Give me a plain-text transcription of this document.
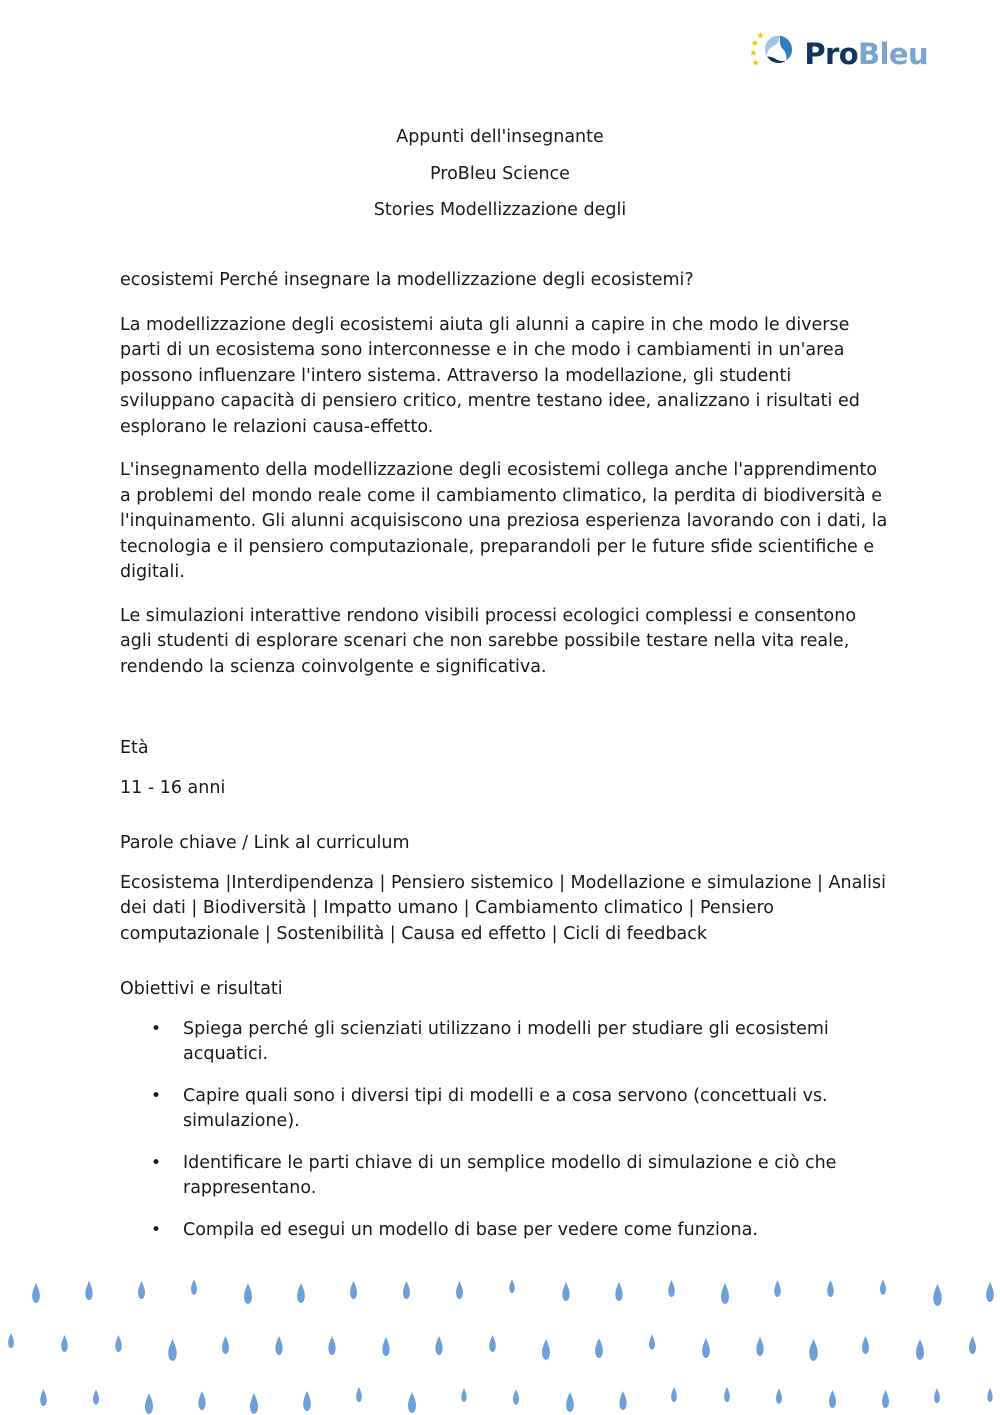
ProBleu
Appunti dell'insegnante
ProBleu Science
Stories Modellizzazione degli

ecosistemi Perché insegnare la modellizzazione degli ecosistemi?

La modellizzazione degli ecosistemi aiuta gli alunni a capire in che modo le diverse parti di un ecosistema sono interconnesse e in che modo i cambiamenti in un'area possono influenzare l'intero sistema. Attraverso la modellazione, gli studenti sviluppano capacità di pensiero critico, mentre testano idee, analizzano i risultati ed esplorano le relazioni causa-effetto.

L'insegnamento della modellizzazione degli ecosistemi collega anche l'apprendimento a problemi del mondo reale come il cambiamento climatico, la perdita di biodiversità e l'inquinamento. Gli alunni acquisiscono una preziosa esperienza lavorando con i dati, la tecnologia e il pensiero computazionale, preparandoli per le future sfide scientifiche e digitali.

Le simulazioni interattive rendono visibili processi ecologici complessi e consentono agli studenti di esplorare scenari che non sarebbe possibile testare nella vita reale, rendendo la scienza coinvolgente e significativa.

Età
11 - 16 anni
Parole chiave / Link al curriculum
Ecosistema |Interdipendenza | Pensiero sistemico | Modellazione e simulazione | Analisi dei dati | Biodiversità | Impatto umano | Cambiamento climatico | Pensiero computazionale | Sostenibilità | Causa ed effetto | Cicli di feedback
Obiettivi e risultati
•	Spiega perché gli scienziati utilizzano i modelli per studiare gli ecosistemi acquatici.
•	Capire quali sono i diversi tipi di modelli e a cosa servono (concettuali vs. simulazione).
•	Identificare le parti chiave di un semplice modello di simulazione e ciò che rappresentano.
•	Compila ed esegui un modello di base per vedere come funziona.
